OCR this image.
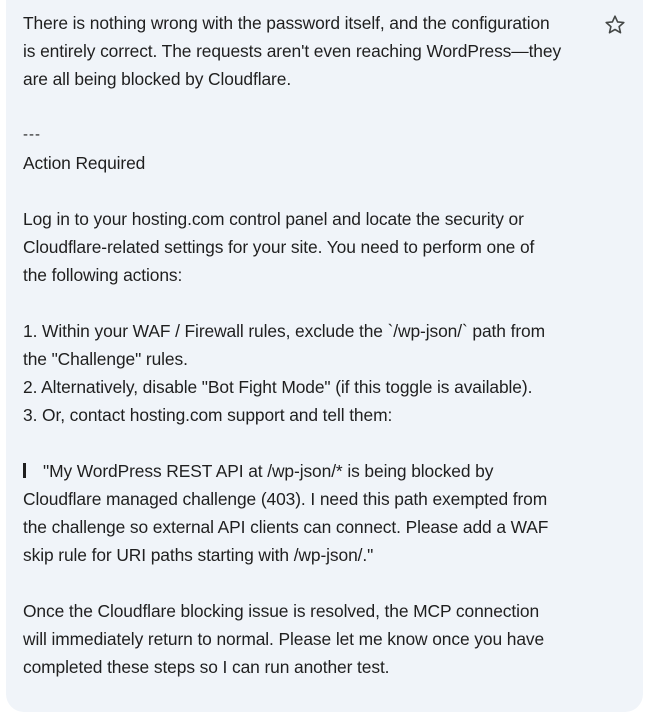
There is nothing wrong with the password itself, and the configuration
is entirely correct. The requests aren't even reaching WordPress—they
are all being blocked by Cloudflare.

---

Action Required

Log in to your hosting.com control panel and locate the security or
Cloudflare-related settings for your site. You need to perform one of
the following actions:

1. Within your WAF / Firewall rules, exclude the `/wp-json/` path from
the "Challenge" rules.
2. Alternatively, disable "Bot Fight Mode" (if this toggle is available).
3. Or, contact hosting.com support and tell them:
"My WordPress REST API at /wp-json/* is being blocked by
Cloudflare managed challenge (403). I need this path exempted from
the challenge so external API clients can connect. Please add a WAF
skip rule for URI paths starting with /wp-json/."

Once the Cloudflare blocking issue is resolved, the MCP connection
will immediately return to normal. Please let me know once you have
completed these steps so I can run another test.
